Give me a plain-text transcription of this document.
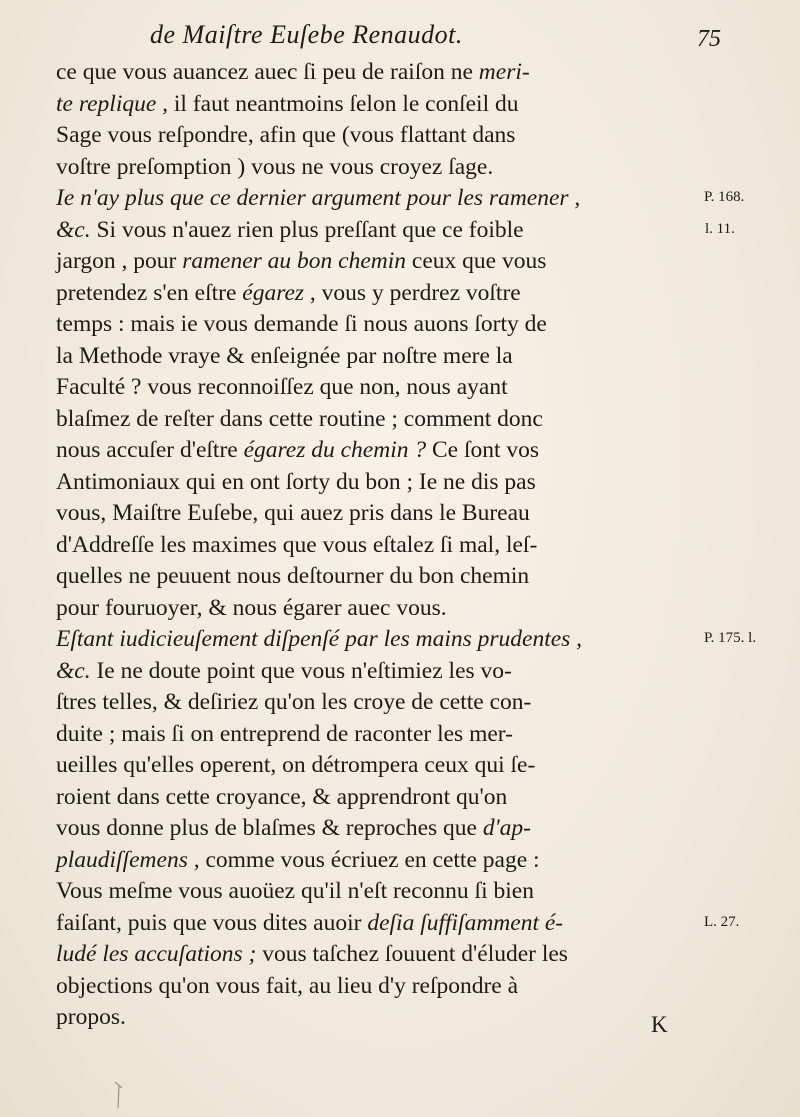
de Maiſtre Euſebe Renaudot.	75
ce que vous auancez auec ſi peu de raiſon ne meri-
te replique , il faut neantmoins ſelon le conſeil du
Sage vous reſpondre, afin que (vous flattant dans
voſtre preſomption ) vous ne vous croyez ſage.
Ie n'ay plus que ce dernier argument pour les ramener ,
&c. Si vous n'auez rien plus preſſant que ce foible
jargon , pour ramener au bon chemin ceux que vous
pretendez s'en eſtre égarez , vous y perdrez voſtre
temps : mais ie vous demande ſi nous auons ſorty de
la Methode vraye & enſeignée par noſtre mere la
Faculté ? vous reconnoiſſez que non, nous ayant
blaſmez de reſter dans cette routine ; comment donc
nous accuſer d'eſtre égarez du chemin ? Ce ſont vos
Antimoniaux qui en ont ſorty du bon ; Ie ne dis pas
vous, Maiſtre Euſebe, qui auez pris dans le Bureau
d'Addreſſe les maximes que vous eſtalez ſi mal, leſ-
quelles ne peuuent nous deſtourner du bon chemin
pour fouruoyer, & nous égarer auec vous.
Eſtant iudicieuſement diſpenſé par les mains prudentes ,
&c. Ie ne doute point que vous n'eſtimiez les vo-
ſtres telles, & deſiriez qu'on les croye de cette con-
duite ; mais ſi on entreprend de raconter les mer-
ueilles qu'elles operent, on détrompera ceux qui ſe-
roient dans cette croyance, & apprendront qu'on
vous donne plus de blaſmes & reproches que d'ap-
plaudiſſemens , comme vous écriuez en cette page :
Vous meſme vous auoüez qu'il n'eſt reconnu ſi bien
faiſant, puis que vous dites auoir deſia ſuffiſamment é-
ludé les accuſations ; vous taſchez ſouuent d'éluder les
objections qu'on vous fait, au lieu d'y reſpondre à
propos.
P. 168.
l. 11.
P. 175. l.
L. 27.
K
